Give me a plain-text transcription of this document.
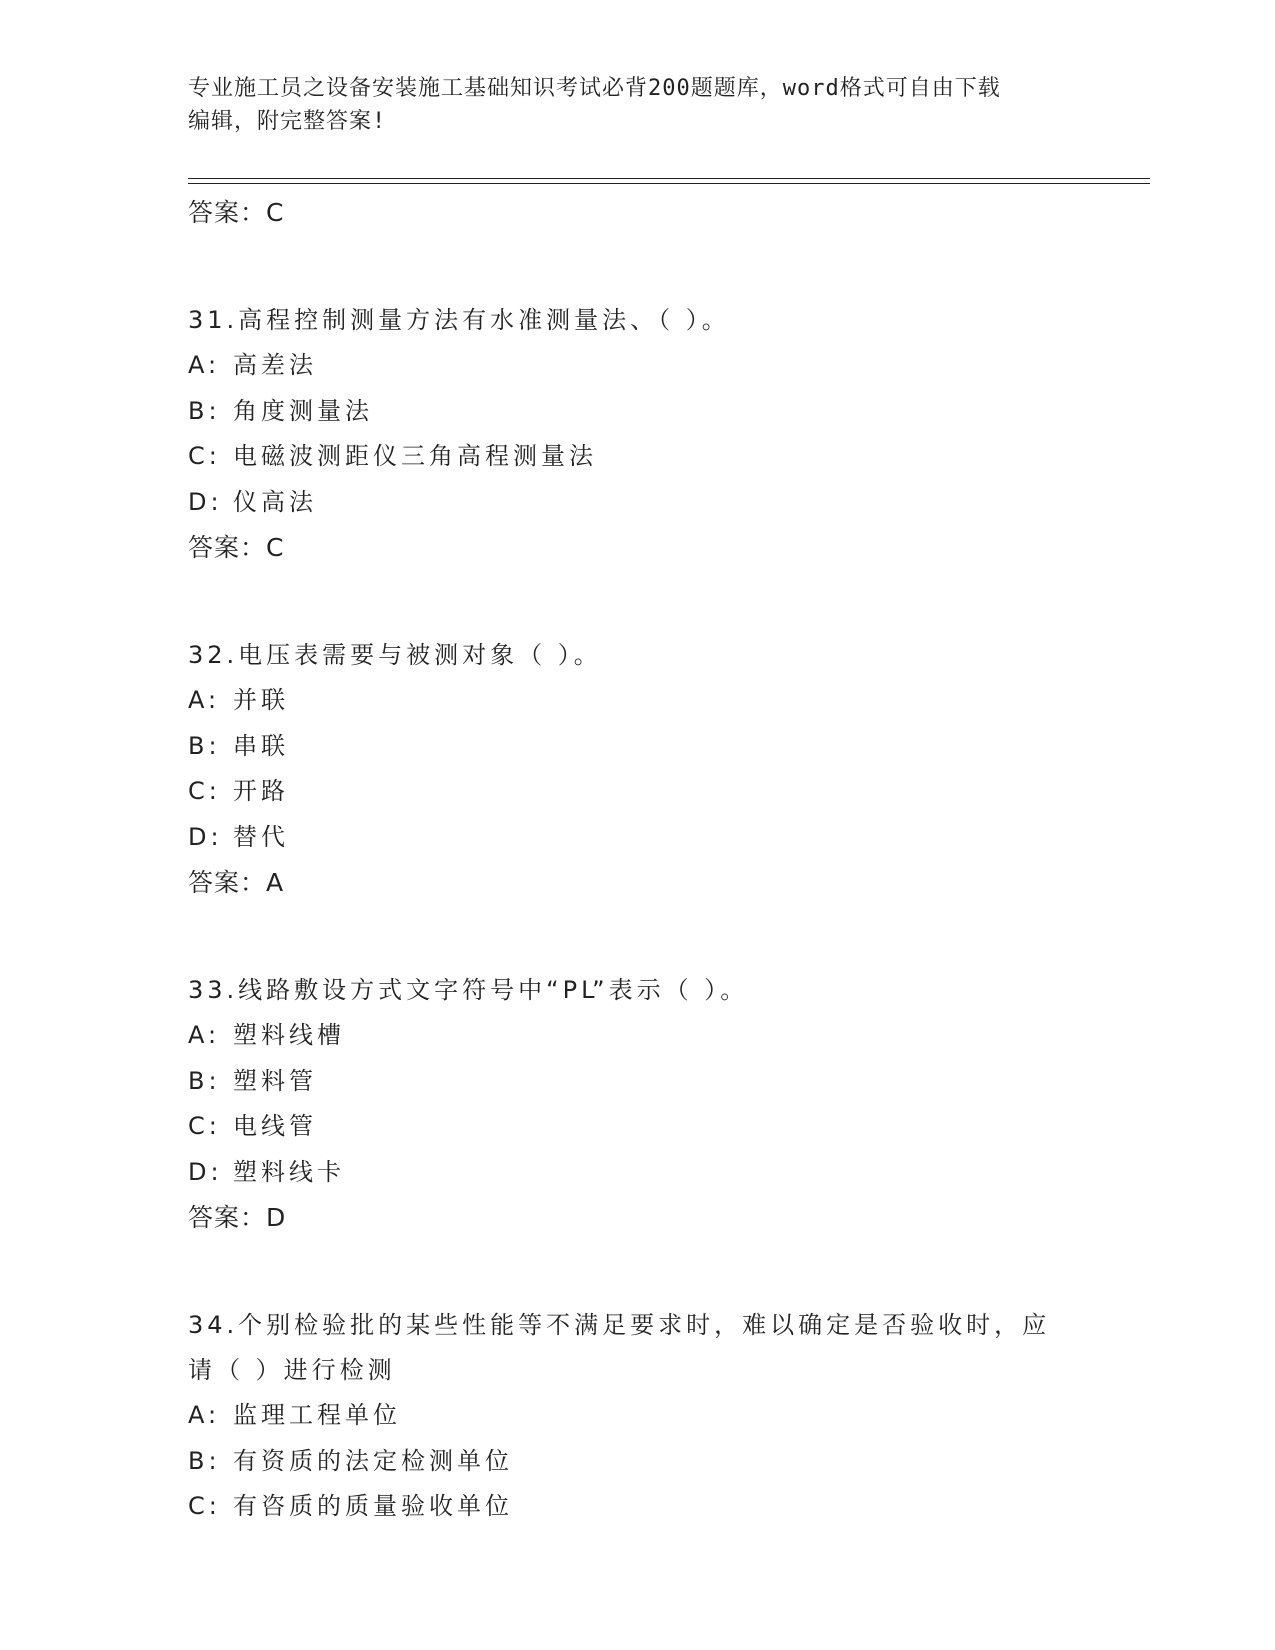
专业施工员之设备安装施工基础知识考试必背200题题库，word格式可自由下载
编辑，附完整答案!
答案：C
31.高程控制测量方法有水准测量法、（ ）。
A: 高差法
B: 角度测量法
C: 电磁波测距仪三角高程测量法
D: 仪高法
答案：C
32.电压表需要与被测对象（ ）。
A: 并联
B: 串联
C: 开路
D: 替代
答案：A
33.线路敷设方式文字符号中“PL”表示（ ）。
A: 塑料线槽
B: 塑料管
C: 电线管
D: 塑料线卡
答案：D
34.个别检验批的某些性能等不满足要求时，难以确定是否验收时，应
请（ ）进行检测
A: 监理工程单位
B: 有资质的法定检测单位
C: 有咨质的质量验收单位
